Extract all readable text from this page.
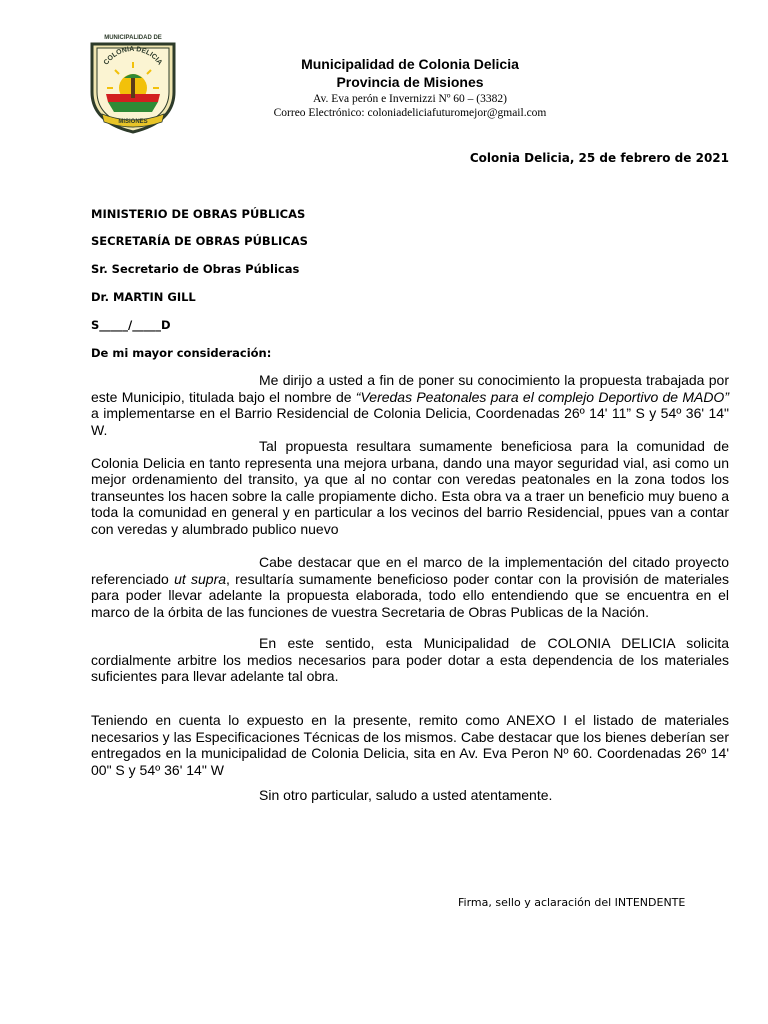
MUNICIPALIDAD DE
COLONIA DELICIA
MISIONES
Municipalidad de Colonia Delicia
Provincia de Misiones
Av. Eva perón e Invernizzi Nº 60 – (3382)
Correo Electrónico: coloniadeliciafuturomejor@gmail.com
Colonia Delicia, 25 de febrero de 2021
MINISTERIO DE OBRAS PÚBLICAS
SECRETARÍA DE OBRAS PÚBLICAS
Sr. Secretario de Obras Públicas
Dr. MARTIN GILL
S_____/_____D
De mi mayor consideración:

Me dirijo a usted a fin de poner su conocimiento la propuesta trabajada por este Municipio, titulada bajo el nombre de “Veredas Peatonales para el complejo Deportivo de MADO” a implementarse en el Barrio Residencial de Colonia Delicia, Coordenadas 26º 14' 11” S y 54º 36' 14" W.

Tal propuesta resultara sumamente beneficiosa para la comunidad de Colonia Delicia en tanto representa una mejora urbana, dando una mayor seguridad vial, asi como un mejor ordenamiento del transito, ya que al no contar con veredas peatonales en la zona todos los transeuntes los hacen sobre la calle propiamente dicho. Esta obra va a traer un beneficio muy bueno a toda la comunidad en general y en particular a los vecinos del barrio Residencial, ppues van a contar con veredas y alumbrado publico nuevo

Cabe destacar que en el marco de la implementación del citado proyecto referenciado ut supra, resultaría sumamente beneficioso poder contar con la provisión de materiales para poder llevar adelante la propuesta elaborada, todo ello entendiendo que se encuentra en el marco de la órbita de las funciones de vuestra Secretaria de Obras Publicas de la Nación.

En este sentido, esta Municipalidad de COLONIA DELICIA solicita cordialmente arbitre los medios necesarios para poder dotar a esta dependencia de los materiales suficientes para llevar adelante tal obra.

Teniendo en cuenta lo expuesto en la presente, remito como ANEXO I el listado de materiales necesarios y las Especificaciones Técnicas de los mismos. Cabe destacar que los bienes deberían ser entregados en la municipalidad de Colonia Delicia, sita en Av. Eva Peron Nº 60. Coordenadas 26º 14' 00" S y 54º 36' 14" W

Sin otro particular, saludo a usted atentamente.
Firma, sello y aclaración del INTENDENTE
